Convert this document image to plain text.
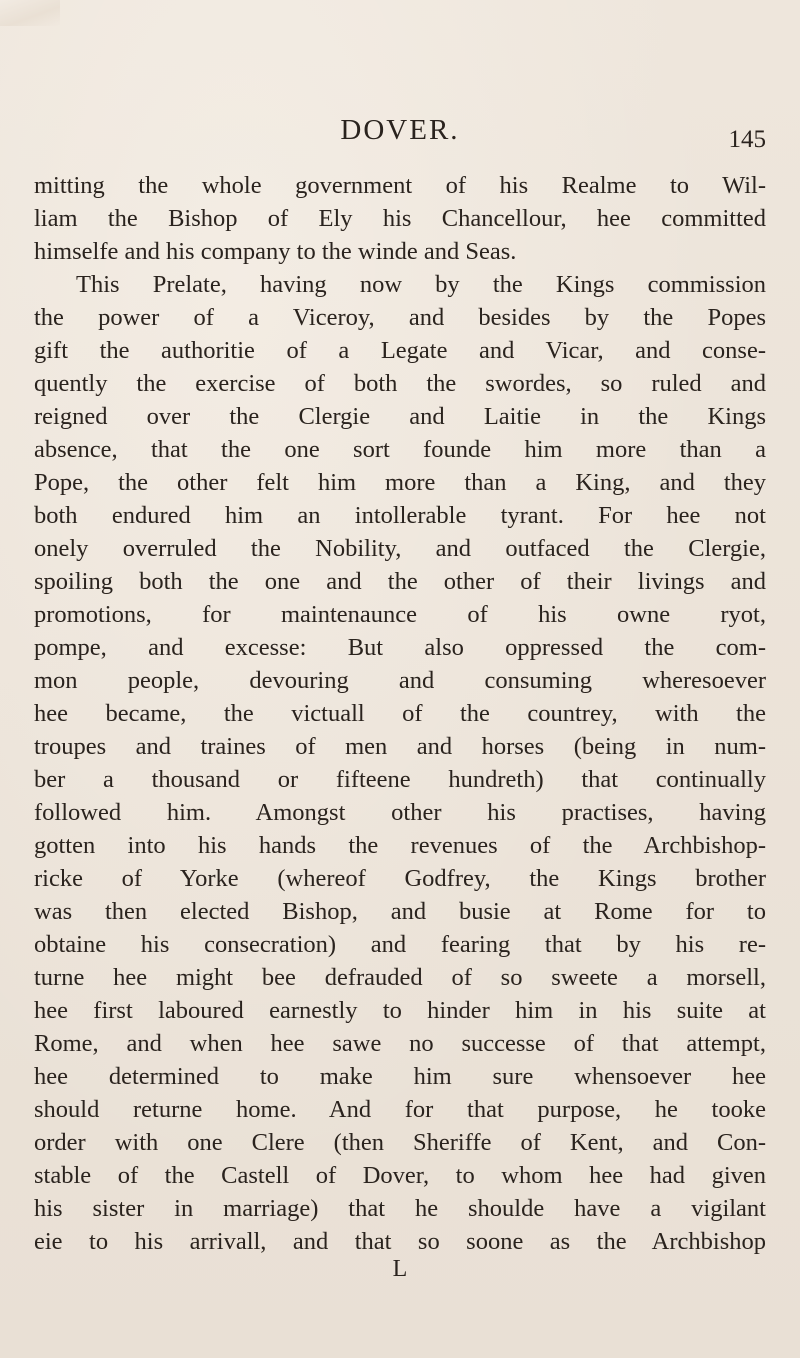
DOVER.	145
mitting the whole government of his Realme to Wil-
liam the Bishop of Ely his Chancellour, hee committed
himselfe and his company to the winde and Seas.
This Prelate, having now by the Kings commission
the power of a Viceroy, and besides by the Popes
gift the authoritie of a Legate and Vicar, and conse-
quently the exercise of both the swordes, so ruled and
reigned over the Clergie and Laitie in the Kings
absence, that the one sort founde him more than a
Pope, the other felt him more than a King, and they
both endured him an intollerable tyrant. For hee not
onely overruled the Nobility, and outfaced the Clergie,
spoiling both the one and the other of their livings and
promotions, for maintenaunce of his owne ryot,
pompe, and excesse: But also oppressed the com-
mon people, devouring and consuming wheresoever
hee became, the victuall of the countrey, with the
troupes and traines of men and horses (being in num-
ber a thousand or fifteene hundreth) that continually
followed him. Amongst other his practises, having
gotten into his hands the revenues of the Archbishop-
ricke of Yorke (whereof Godfrey, the Kings brother
was then elected Bishop, and busie at Rome for to
obtaine his consecration) and fearing that by his re-
turne hee might bee defrauded of so sweete a morsell,
hee first laboured earnestly to hinder him in his suite at
Rome, and when hee sawe no successe of that attempt,
hee determined to make him sure whensoever hee
should returne home. And for that purpose, he tooke
order with one Clere (then Sheriffe of Kent, and Con-
stable of the Castell of Dover, to whom hee had given
his sister in marriage) that he shoulde have a vigilant
eie to his arrivall, and that so soone as the Archbishop
L
